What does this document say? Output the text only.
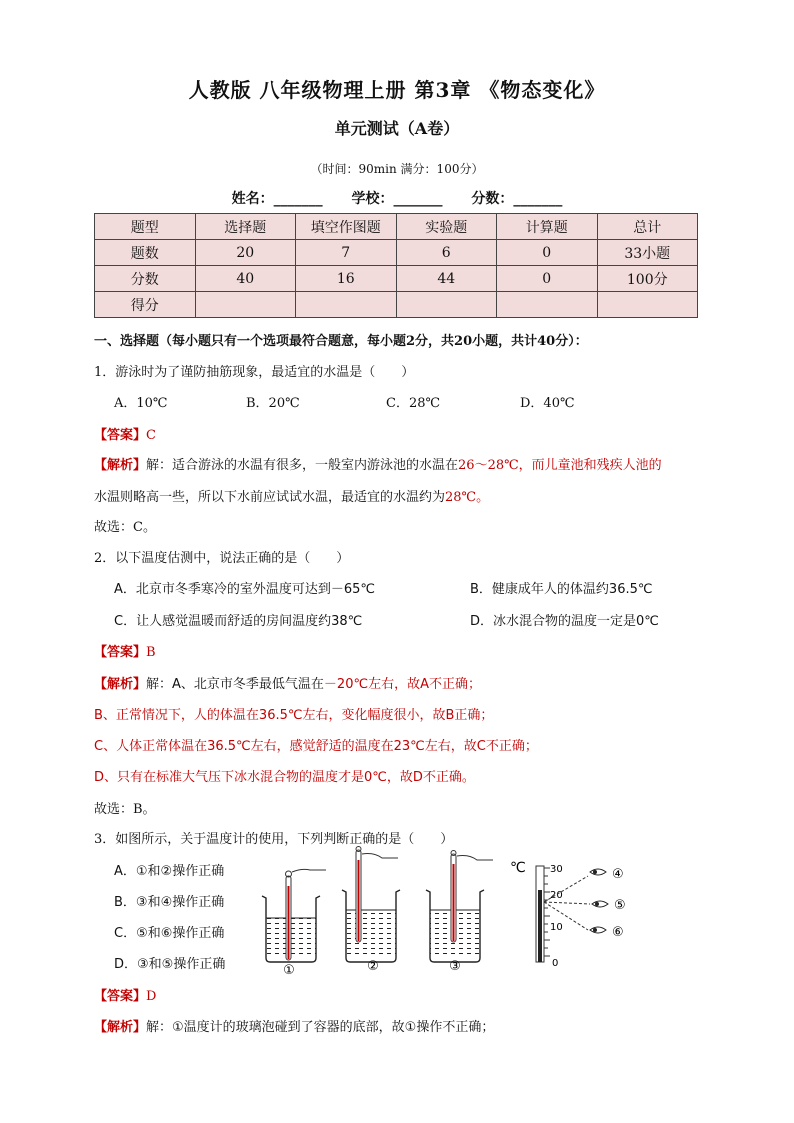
人教版 八年级物理上册 第3章 《物态变化》
单元测试（A卷）
（时间：90min 满分：100分）
姓名：_______ 学校：_______ 分数：_______
题型	选择题	填空作图题	实验题	计算题	总计
题数	20	7	6	0	33小题
分数	40	16	44	0	100分
得分					
一、选择题（每小题只有一个选项最符合题意，每小题2分，共20小题，共计40分）：
1．游泳时为了谨防抽筋现象，最适宜的水温是（　　）
A．10℃	B．20℃	C．28℃	D．40℃
【答案】C
【解析】解：适合游泳的水温有很多，一般室内游泳池的水温在26～28℃，而儿童池和残疾人池的
水温则略高一些，所以下水前应试试水温，最适宜的水温约为28℃。
故选：C。
2．以下温度估测中，说法正确的是（　　）
A．北京市冬季寒冷的室外温度可达到－65℃	B．健康成年人的体温约36.5℃
C．让人感觉温暖而舒适的房间温度约38℃	D．冰水混合物的温度一定是0℃
【答案】B
【解析】解：A、北京市冬季最低气温在－20℃左右，故A不正确；
B、正常情况下，人的体温在36.5℃左右，变化幅度很小，故B正确；
C、人体正常体温在36.5℃左右，感觉舒适的温度在23℃左右，故C不正确；
D、只有在标准大气压下冰水混合物的温度才是0℃，故D不正确。
故选：B。
3．如图所示，关于温度计的使用，下列判断正确的是（　　）
A．①和②操作正确
B．③和④操作正确
C．⑤和⑥操作正确
D．③和⑤操作正确	①	②	③
℃ 30
20
10
0
④
⑤
⑥
【答案】D
【解析】解：①温度计的玻璃泡碰到了容器的底部，故①操作不正确；
